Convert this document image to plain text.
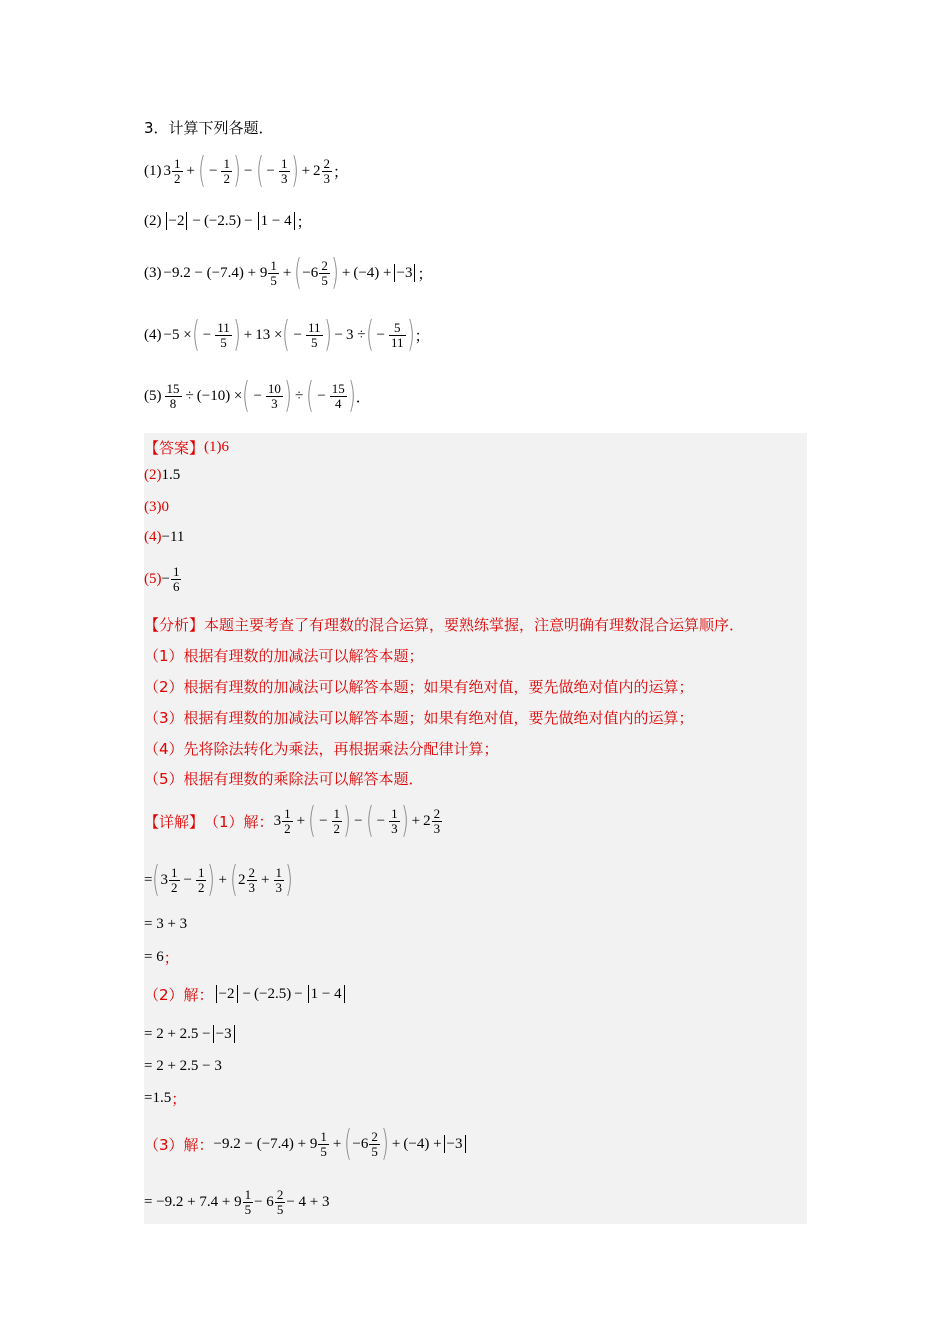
3．计算下列各题．
(1) $3 \frac{1}{2}$ + ( − $\frac{1}{2}$ ) − ( − $\frac{1}{3}$ ) + $2 \frac{2}{3}$ ；
(2) −2 − (−2.5) − 1 − 4 ；
$(3) -9.2 - (-7.4) + 9 \frac{1}{5}$ + ( $-6 \frac{2}{5}$ ) + (−4) + −3 ；
(4) −5 × ( − $\frac{11}{5}$ ) + 13 × ( − $\frac{11}{5}$ ) − 3 ÷ ( − $\frac{5}{11}$ ) ；
$(5) \frac{15}{8} \div (-10)$ × ( − $\frac{10}{3}$ ) ÷ ( − $\frac{15}{4}$ ) ．
【答案】 (1) 6
(2) 1.5
(3) 0
(4) −11
$(5) - \frac{1}{6}$
【分析】 本题主要考查了有理数的混合运算，要熟练掌握，注意明确有理数混合运算顺序．
（1）根据有理数的加减法可以解答本题；
（2）根据有理数的加减法可以解答本题；如果有绝对值，要先做绝对值内的运算；
（3）根据有理数的加减法可以解答本题；如果有绝对值，要先做绝对值内的运算；
（4）先将除法转化为乘法，再根据乘法分配律计算；
（5）根据有理数的乘除法可以解答本题．
【详解】 （1）解： $3 \frac{1}{2}$ + ( − $\frac{1}{2}$ ) − ( − $\frac{1}{3}$ ) + $2 \frac{2}{3}$
= ( $3 \frac{1}{2} - \frac{1}{2}$ ) + ( $2 \frac{2}{3} + \frac{1}{3}$ )
= 3 + 3
= 6 ；
（2）解： −2 − (−2.5) − 1 − 4
= 2 + 2.5 − −3
= 2 + 2.5 − 3
=1.5 ；
（3）解： $-9.2 - (-7.4) + 9 \frac{1}{5}$ + ( $-6 \frac{2}{5}$ ) + (−4) + −3
= $-9.2 + 7.4 + 9 \frac{1}{5} - 6 \frac{2}{5} - 4 + 3$
